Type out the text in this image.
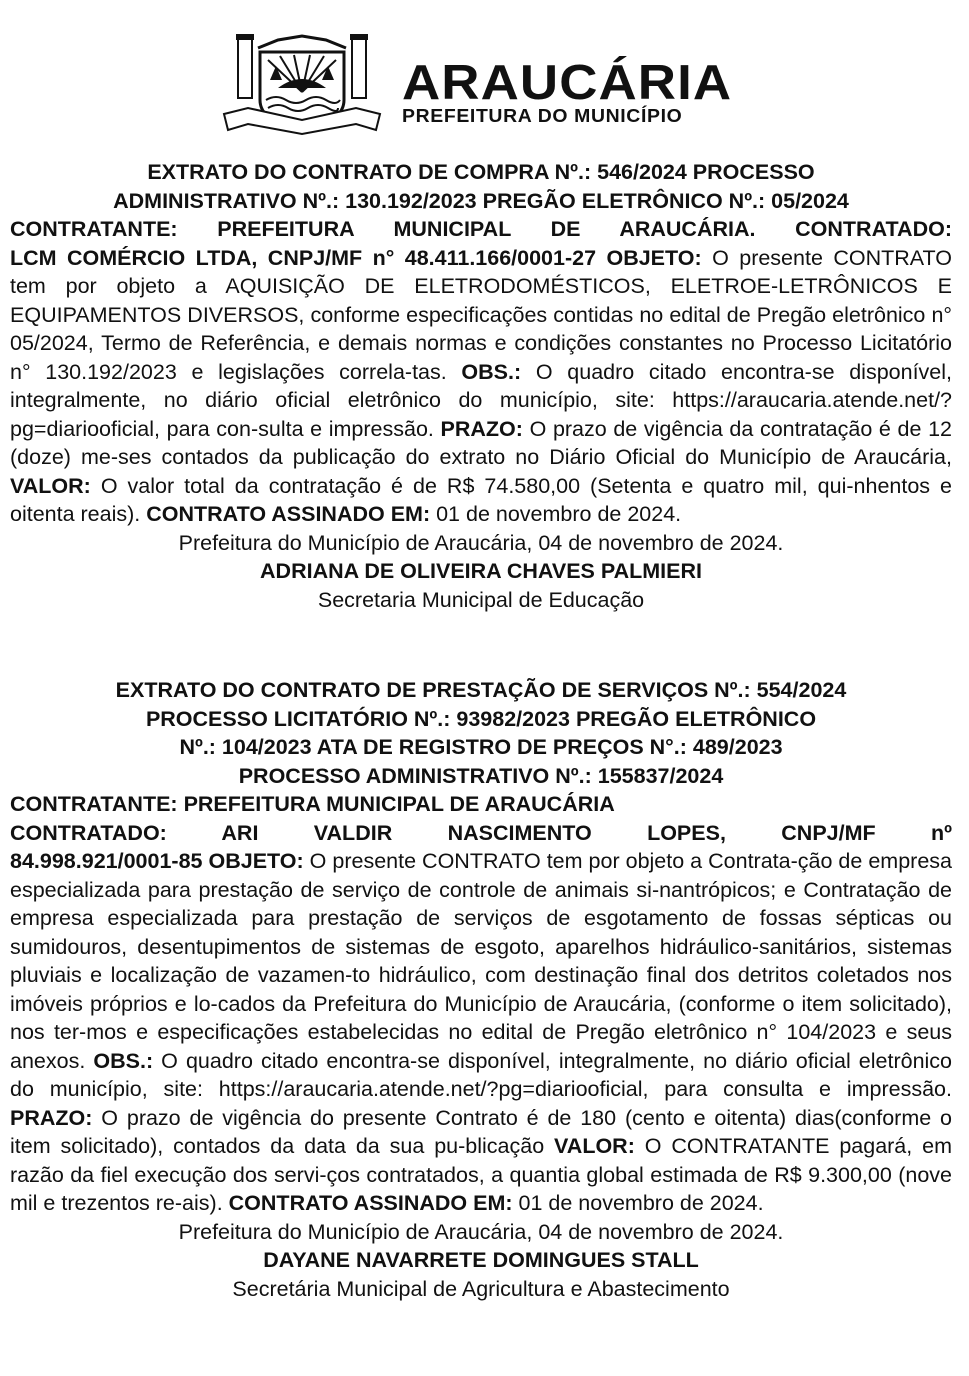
ARAUCÁRIA
PREFEITURA DO MUNICÍPIO
EXTRATO DO CONTRATO DE COMPRA Nº.: 546/2024 PROCESSO
ADMINISTRATIVO Nº.: 130.192/2023 PREGÃO ELETRÔNICO Nº.: 05/2024
CONTRATANTE: PREFEITURA MUNICIPAL DE ARAUCÁRIA. CONTRATADO:
LCM COMÉRCIO LTDA, CNPJ/MF n° 48.411.166/0001-27 OBJETO: O presente CONTRATO tem por objeto a AQUISIÇÃO DE ELETRODOMÉSTICOS, ELETROE-LETRÔNICOS E EQUIPAMENTOS DIVERSOS, conforme especificações contidas no edital de Pregão eletrônico n° 05/2024, Termo de Referência, e demais normas e condições constantes no Processo Licitatório n° 130.192/2023 e legislações correla-tas. OBS.: O quadro citado encontra-se disponível, integralmente, no diário oficial eletrônico do município, site: https://araucaria.atende.net/?pg=diariooficial, para con-sulta e impressão. PRAZO: O prazo de vigência da contratação é de 12 (doze) me-ses contados da publicação do extrato no Diário Oficial do Município de Araucária, VALOR: O valor total da contratação é de R$ 74.580,00 (Setenta e quatro mil, qui-nhentos e oitenta reais). CONTRATO ASSINADO EM: 01 de novembro de 2024.
Prefeitura do Município de Araucária, 04 de novembro de 2024.
ADRIANA DE OLIVEIRA CHAVES PALMIERI
Secretaria Municipal de Educação
EXTRATO DO CONTRATO DE PRESTAÇÃO DE SERVIÇOS Nº.: 554/2024
PROCESSO LICITATÓRIO Nº.: 93982/2023 PREGÃO ELETRÔNICO
Nº.: 104/2023 ATA DE REGISTRO DE PREÇOS N°.: 489/2023
PROCESSO ADMINISTRATIVO Nº.: 155837/2024
CONTRATANTE: PREFEITURA MUNICIPAL DE ARAUCÁRIA
CONTRATADO: ARI VALDIR NASCIMENTO LOPES, CNPJ/MF nº
84.998.921/0001-85 OBJETO: O presente CONTRATO tem por objeto a Contrata-ção de empresa especializada para prestação de serviço de controle de animais si-nantrópicos; e Contratação de empresa especializada para prestação de serviços de esgotamento de fossas sépticas ou sumidouros, desentupimentos de sistemas de esgoto, aparelhos hidráulico-sanitários, sistemas pluviais e localização de vazamen-to hidráulico, com destinação final dos detritos coletados nos imóveis próprios e lo-cados da Prefeitura do Município de Araucária, (conforme o item solicitado), nos ter-mos e especificações estabelecidas no edital de Pregão eletrônico n° 104/2023 e seus anexos. OBS.: O quadro citado encontra-se disponível, integralmente, no diário oficial eletrônico do município, site: https://araucaria.atende.net/?pg=diariooficial, para consulta e impressão. PRAZO: O prazo de vigência do presente Contrato é de 180 (cento e oitenta) dias(conforme o item solicitado), contados da data da sua pu-blicação VALOR: O CONTRATANTE pagará, em razão da fiel execução dos servi-ços contratados, a quantia global estimada de R$ 9.300,00 (nove mil e trezentos re-ais). CONTRATO ASSINADO EM: 01 de novembro de 2024.
Prefeitura do Município de Araucária, 04 de novembro de 2024.
DAYANE NAVARRETE DOMINGUES STALL
Secretária Municipal de Agricultura e Abastecimento
